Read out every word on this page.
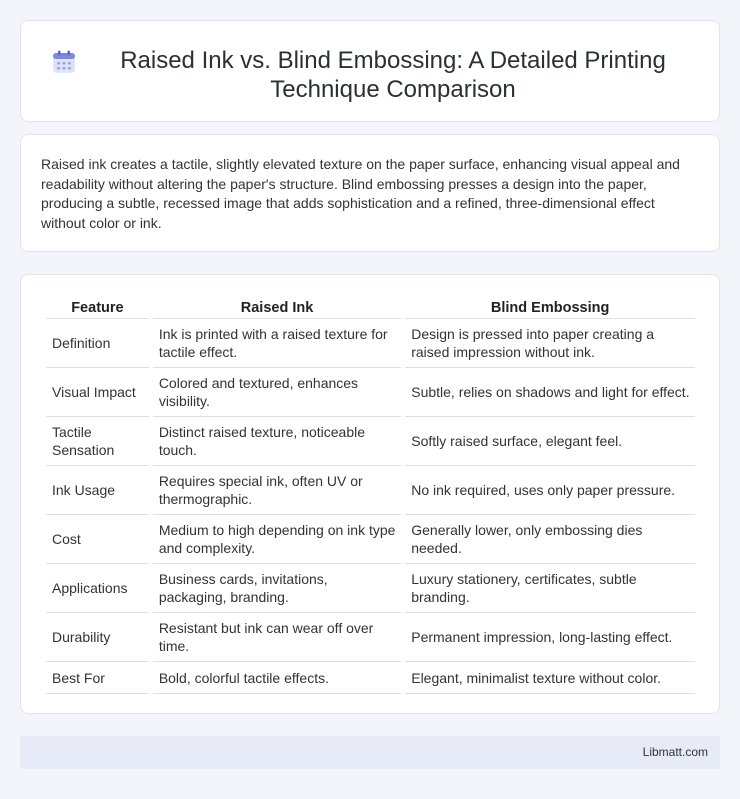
Raised Ink vs. Blind Embossing: A Detailed Printing Technique Comparison

Raised ink creates a tactile, slightly elevated texture on the paper surface, enhancing visual appeal and readability without altering the paper's structure. Blind embossing presses a design into the paper, producing a subtle, recessed image that adds sophistication and a refined, three-dimensional effect without color or ink.

Feature	Raised Ink	Blind Embossing
Definition	Ink is printed with a raised texture for tactile effect.	Design is pressed into paper creating a raised impression without ink.
Visual Impact	Colored and textured, enhances visibility.	Subtle, relies on shadows and light for effect.
Tactile Sensation	Distinct raised texture, noticeable touch.	Softly raised surface, elegant feel.
Ink Usage	Requires special ink, often UV or thermographic.	No ink required, uses only paper pressure.
Cost	Medium to high depending on ink type and complexity.	Generally lower, only embossing dies needed.
Applications	Business cards, invitations, packaging, branding.	Luxury stationery, certificates, subtle branding.
Durability	Resistant but ink can wear off over time.	Permanent impression, long-lasting effect.
Best For	Bold, colorful tactile effects.	Elegant, minimalist texture without color.
Libmatt.com
